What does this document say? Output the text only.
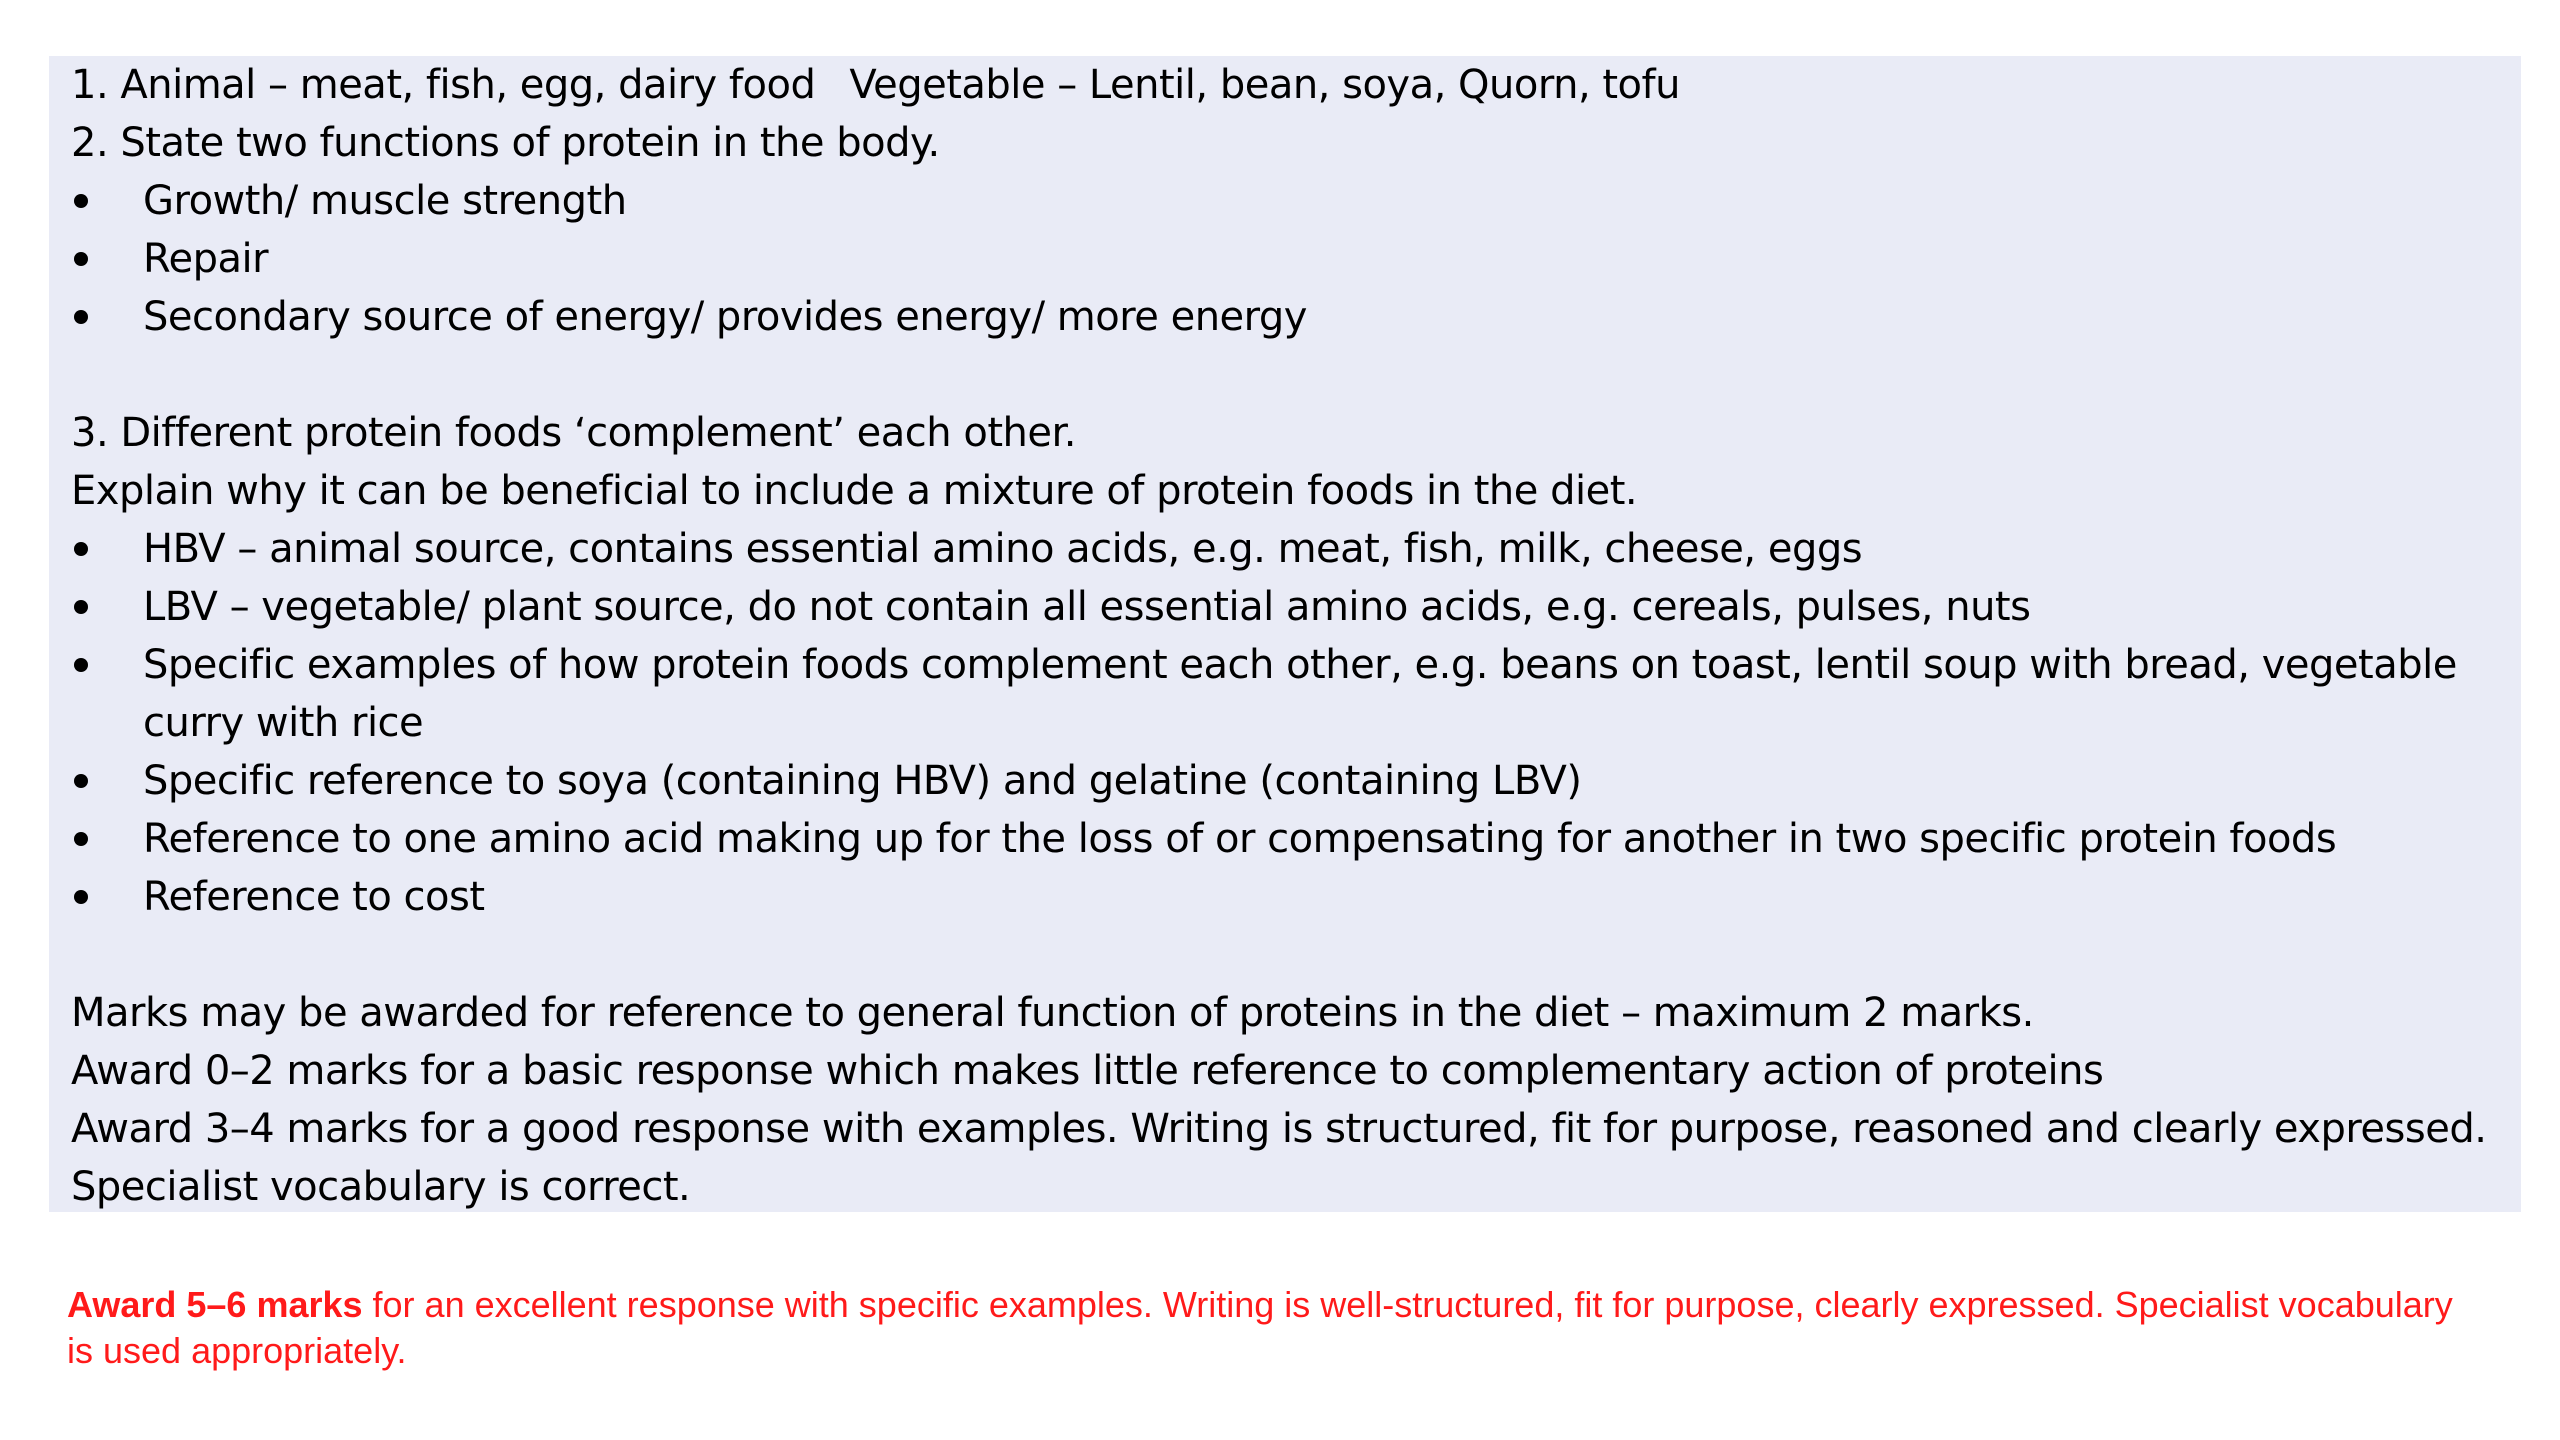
1. Animal – meat, fish, egg, dairy food Vegetable – Lentil, bean, soya, Quorn, tofu
2. State two functions of protein in the body.
Growth/ muscle strength
Repair
Secondary source of energy/ provides energy/ more energy
3. Different protein foods ‘complement’ each other.
Explain why it can be beneficial to include a mixture of protein foods in the diet.
HBV – animal source, contains essential amino acids, e.g. meat, fish, milk, cheese, eggs
LBV – vegetable/ plant source, do not contain all essential amino acids, e.g. cereals, pulses, nuts
Specific examples of how protein foods complement each other, e.g. beans on toast, lentil soup with bread, vegetable
curry with rice
Specific reference to soya (containing HBV) and gelatine (containing LBV)
Reference to one amino acid making up for the loss of or compensating for another in two specific protein foods
Reference to cost
Marks may be awarded for reference to general function of proteins in the diet – maximum 2 marks.
Award 0–2 marks for a basic response which makes little reference to complementary action of proteins
Award 3–4 marks for a good response with examples. Writing is structured, fit for purpose, reasoned and clearly expressed.
Specialist vocabulary is correct.
Award 5–6 marks for an excellent response with specific examples. Writing is well-structured, fit for purpose, clearly expressed. Specialist vocabulary is used appropriately.
